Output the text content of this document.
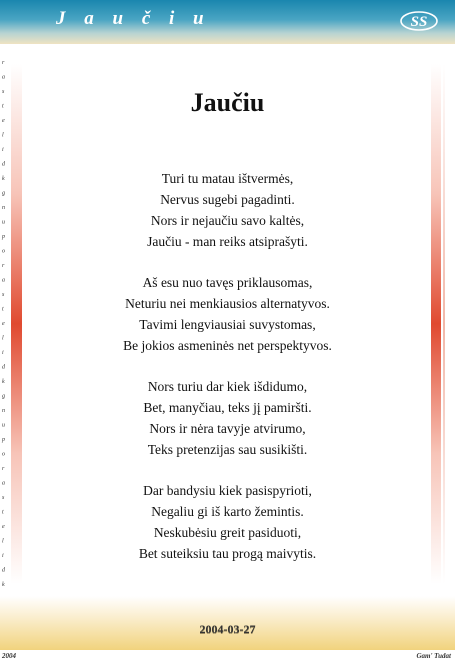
J a u č i u	SS
r
a
s
t
e
l
i
d
k
g
n
u
p
o
r
a
s
t
e
l
i
d
k
g
n
u
p
o
r
a
s
t
e
l
i
d
k
Jaučiu
Turi tu matau ištvermės,
Nervus sugebi pagadinti.
Nors ir nejaučiu savo kaltės,
Jaučiu - man reiks atsiprašyti.
Aš esu nuo tavęs priklausomas,
Neturiu nei menkiausios alternatyvos.
Tavimi lengviausiai suvystomas,
Be jokios asmeninės net perspektyvos.
Nors turiu dar kiek išdidumo,
Bet, manyčiau, teks jį pamiršti.
Nors ir nėra tavyje atvirumo,
Teks pretenzijas sau susikišti.
Dar bandysiu kiek pasispyrioti,
Negaliu gi iš karto žemintis.
Neskubėsiu greit pasiduoti,
Bet suteiksiu tau progą maivytis.
2004-03-27
2004	Gam' Tudat
